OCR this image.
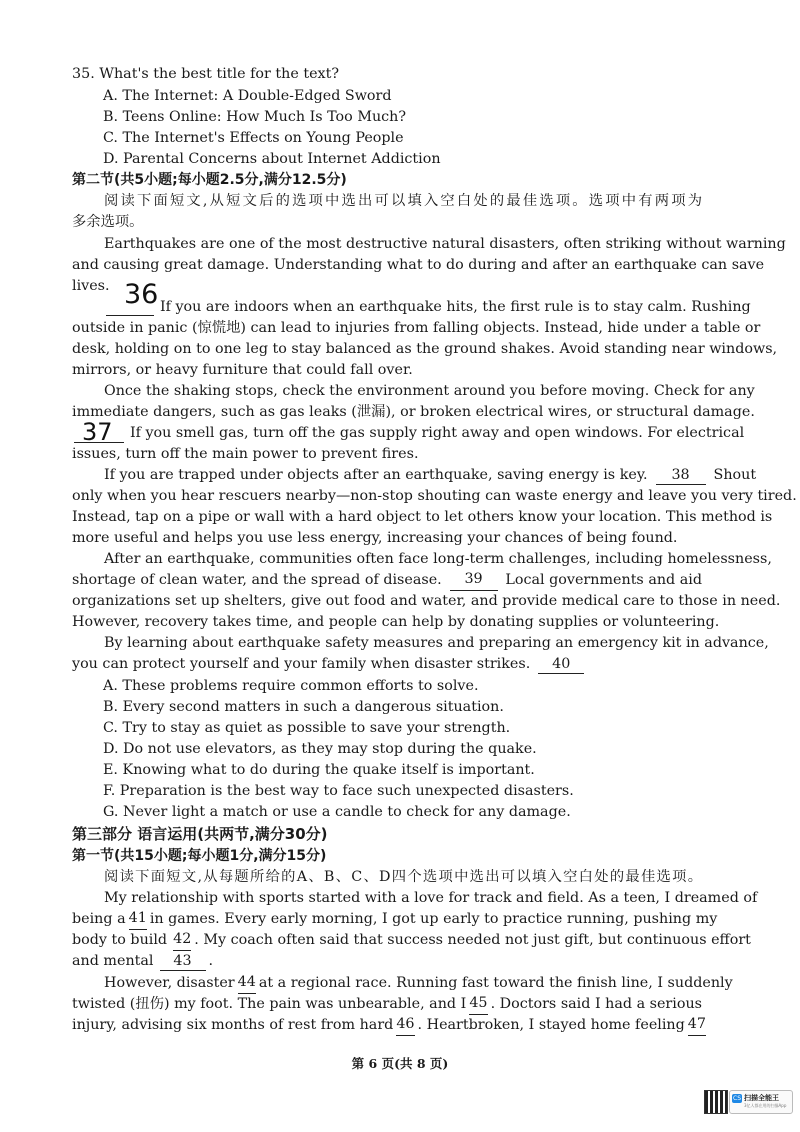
35. What's the best title for the text?
A. The Internet: A Double-Edged Sword
B. Teens Online: How Much Is Too Much?
C. The Internet's Effects on Young People
D. Parental Concerns about Internet Addiction
第二节(共5小题;每小题2.5分,满分12.5分)
阅读下面短文,从短文后的选项中选出可以填入空白处的最佳选项。选项中有两项为
多余选项。
Earthquakes are one of the most destructive natural disasters, often striking without warning
and causing great damage. Understanding what to do during and after an earthquake can save
lives. 36 If you are indoors when an earthquake hits, the first rule is to stay calm. Rushing
outside in panic (惊慌地) can lead to injuries from falling objects. Instead, hide under a table or
desk, holding on to one leg to stay balanced as the ground shakes. Avoid standing near windows,
mirrors, or heavy furniture that could fall over.
Once the shaking stops, check the environment around you before moving. Check for any
immediate dangers, such as gas leaks (泄漏), or broken electrical wires, or structural damage.
37 If you smell gas, turn off the gas supply right away and open windows. For electrical
issues, turn off the main power to prevent fires.
If you are trapped under objects after an earthquake, saving energy is key. 38 Shout
only when you hear rescuers nearby—non-stop shouting can waste energy and leave you very tired.
Instead, tap on a pipe or wall with a hard object to let others know your location. This method is
more useful and helps you use less energy, increasing your chances of being found.
After an earthquake, communities often face long-term challenges, including homelessness,
shortage of clean water, and the spread of disease.	39	Local governments and aid
organizations set up shelters, give out food and water, and provide medical care to those in need.
However, recovery takes time, and people can help by donating supplies or volunteering.
By learning about earthquake safety measures and preparing an emergency kit in advance,
you can protect yourself and your family when disaster strikes. 40
A. These problems require common efforts to solve.
B. Every second matters in such a dangerous situation.
C. Try to stay as quiet as possible to save your strength.
D. Do not use elevators, as they may stop during the quake.
E. Knowing what to do during the quake itself is important.
F. Preparation is the best way to face such unexpected disasters.
G. Never light a match or use a candle to check for any damage.
第三部分 语言运用(共两节,满分30分)
第一节(共15小题;每小题1分,满分15分)
阅读下面短文,从每题所给的A、B、C、D四个选项中选出可以填入空白处的最佳选项。
My relationship with sports started with a love for track and field. As a teen, I dreamed of
being a 41 in games. Every early morning, I got up early to practice running, pushing my
body to build 42 . My coach often said that success needed not just gift, but continuous effort
and mental 43 .
However, disaster 44 at a regional race. Running fast toward the finish line, I suddenly
twisted (扭伤) my foot. The pain was unbearable, and I 45 . Doctors said I had a serious
injury, advising six months of rest from hard 46 . Heartbroken, I stayed home feeling 47
第 6 页(共 8 页)
CS 扫描全能王
3亿人都在用的扫描App
